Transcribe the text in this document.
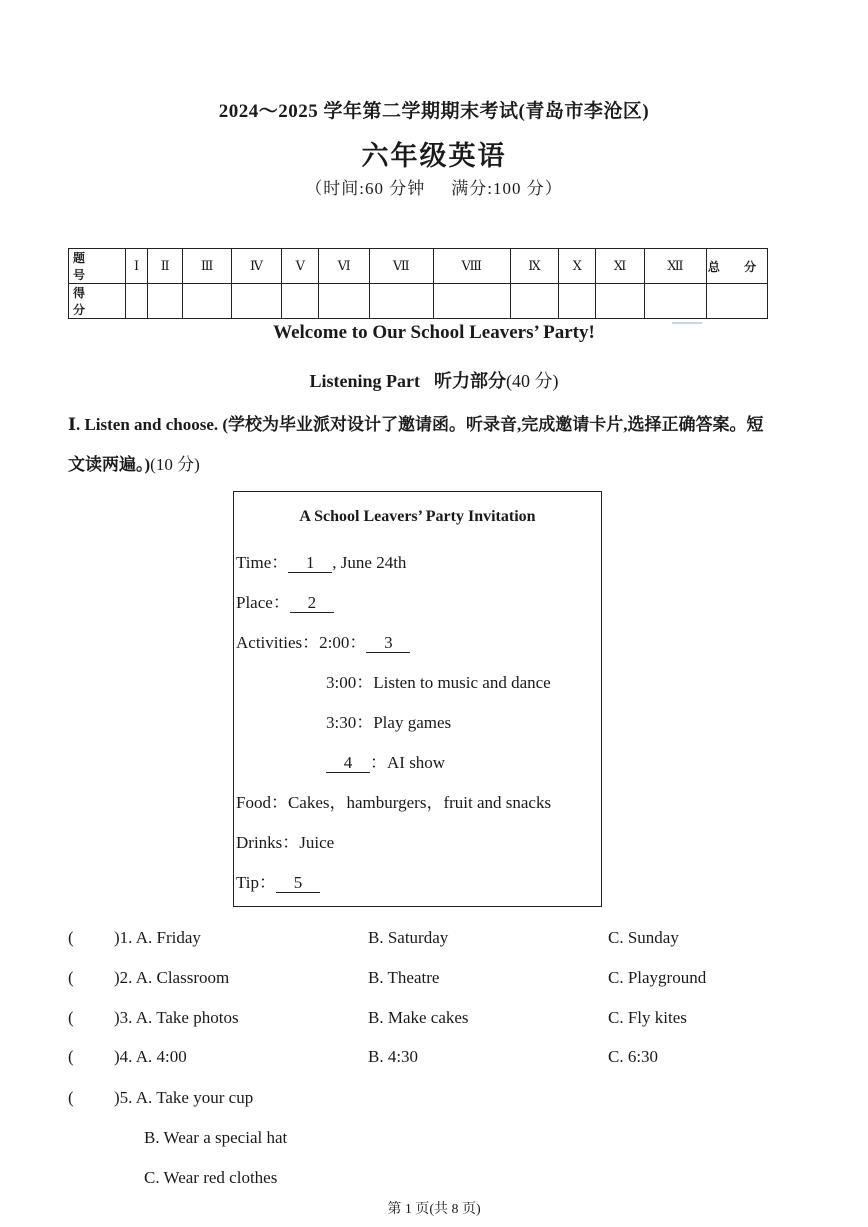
2024～2025 学年第二学期期末考试(青岛市李沧区)
六年级英语
（时间:60 分钟 满分:100 分）
题 号	Ⅰ	Ⅱ	Ⅲ	Ⅳ	Ⅴ	Ⅵ	Ⅶ	Ⅷ	Ⅸ	Ⅹ	Ⅺ	Ⅻ	总 分
得 分													
Welcome to Our School Leavers’ Party!
Listening Part 听力部分(40 分)
Ⅰ. Listen and choose. (学校为毕业派对设计了邀请函。听录音,完成邀请卡片,选择正确答案。短文读两遍。)(10 分)
A School Leavers’ Party Invitation
Time： 1 , June 24th
Place： 2
Activities：2:00： 3
3:00：Listen to music and dance
3:30：Play games
4 ：AI show
Food：Cakes，hamburgers，fruit and snacks
Drinks：Juice
Tip： 5
( )1. A. Friday	B. Saturday	C. Sunday
( )2. A. Classroom	B. Theatre	C. Playground
( )3. A. Take photos	B. Make cakes	C. Fly kites
( )4. A. 4:00	B. 4:30	C. 6:30
( )5. A. Take your cup
B. Wear a special hat
C. Wear red clothes
第 1 页(共 8 页)
